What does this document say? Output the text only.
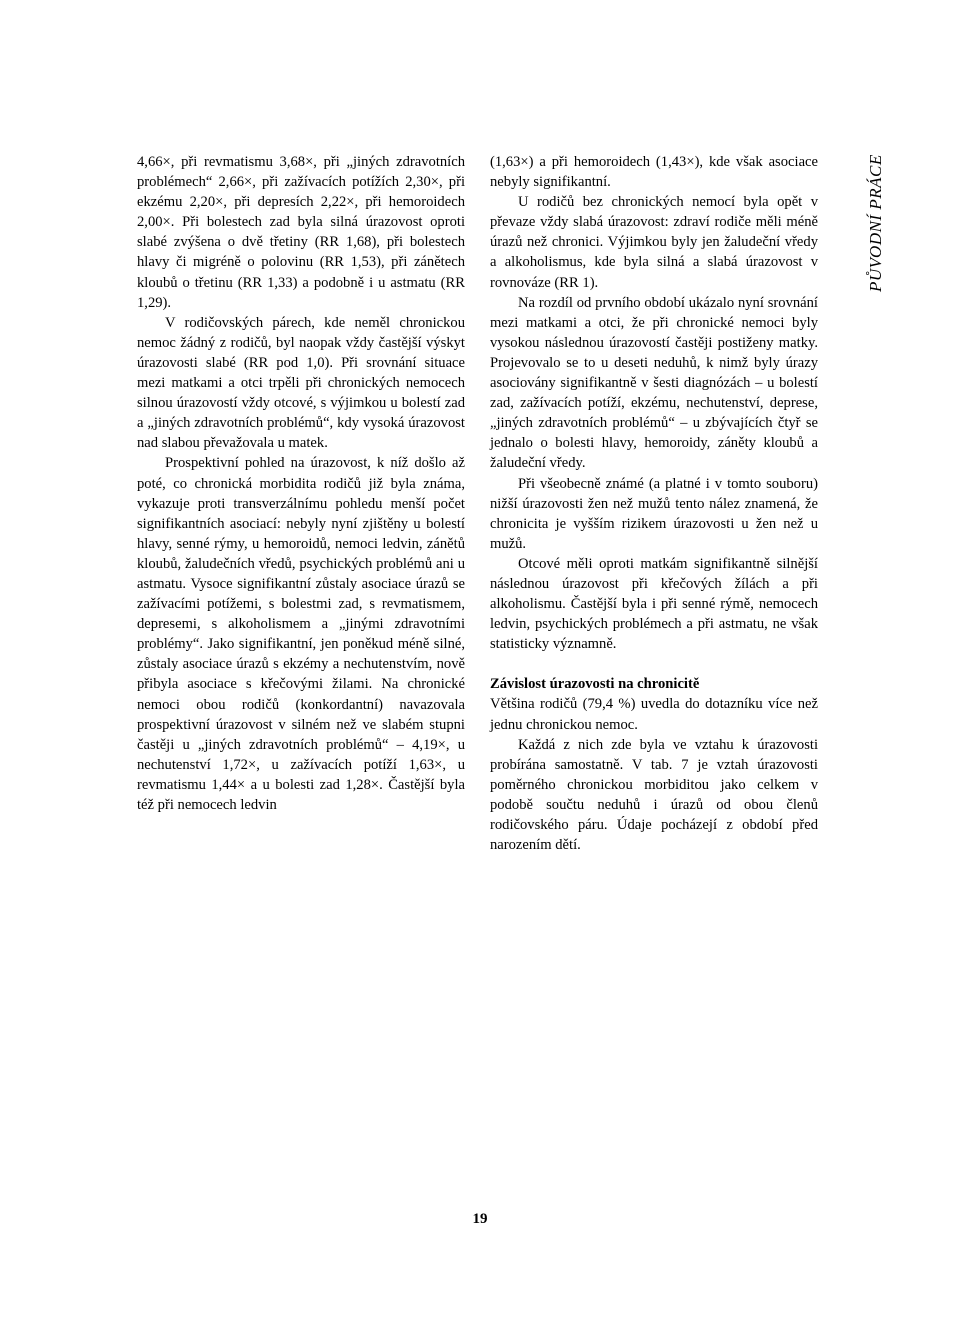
4,66×, při revmatismu 3,68×, při „jiných zdravotních problémech“ 2,66×, při zažívacích potížích 2,30×, při ekzému 2,20×, při depresích 2,22×, při hemoroidech 2,00×. Při bolestech zad byla silná úrazovost oproti slabé zvýšena o dvě třetiny (RR 1,68), při bolestech hlavy či migréně o polovinu (RR 1,53), při zánětech kloubů o třetinu (RR 1,33) a podobně i u astmatu (RR 1,29).

V rodičovských párech, kde neměl chronickou nemoc žádný z rodičů, byl naopak vždy častější výskyt úrazovosti slabé (RR pod 1,0). Při srovnání situace mezi matkami a otci trpěli při chronických nemocech silnou úrazovostí vždy otcové, s výjimkou u bolestí zad a „jiných zdravotních problémů“, kdy vysoká úrazovost nad slabou převažovala u matek.

Prospektivní pohled na úrazovost, k níž došlo až poté, co chronická morbidita rodičů již byla známa, vykazuje proti transverzálnímu pohledu menší počet signifikantních asociací: nebyly nyní zjištěny u bolestí hlavy, senné rýmy, u hemoroidů, nemoci ledvin, zánětů kloubů, žaludečních vředů, psychických problémů ani u astmatu. Vysoce signifikantní zůstaly asociace úrazů se zažívacími potížemi, s bolestmi zad, s revmatismem, depresemi, s alkoholismem a „jinými zdravotními problémy“. Jako signifikantní, jen poněkud méně silné, zůstaly asociace úrazů s ekzémy a nechutenstvím, nově přibyla asociace s křečovými žilami. Na chronické nemoci obou rodičů (konkordantní) navazovala prospektivní úrazovost v silném než ve slabém stupni častěji u „jiných zdravotních problémů“ – 4,19×, u nechutenství 1,72×, u zažívacích potíží 1,63×, u revmatismu 1,44× a u bolesti zad 1,28×. Častější byla též při nemocech ledvin

(1,63×) a při hemoroidech (1,43×), kde však asociace nebyly signifikantní.

U rodičů bez chronických nemocí byla opět v převaze vždy slabá úrazovost: zdraví rodiče měli méně úrazů než chronici. Výjimkou byly jen žaludeční vředy a alkoholismus, kde byla silná a slabá úrazovost v rovnováze (RR 1).

Na rozdíl od prvního období ukázalo nyní srovnání mezi matkami a otci, že při chronické nemoci byly vysokou následnou úrazovostí častěji postiženy matky. Projevovalo se to u deseti neduhů, k nimž byly úrazy asociovány signifikantně v šesti diagnózách – u bolestí zad, zažívacích potíží, ekzému, nechutenství, deprese, „jiných zdravotních problémů“ – u zbývajících čtyř se jednalo o bolesti hlavy, hemoroidy, záněty kloubů a žaludeční vředy.

Při všeobecně známé (a platné i v tomto souboru) nižší úrazovosti žen než mužů tento nález znamená, že chronicita je vyšším rizikem úrazovosti u žen než u mužů.

Otcové měli oproti matkám signifikantně silnější následnou úrazovost při křečových žílách a při alkoholismu. Častější byla i při senné rýmě, nemocech ledvin, psychických problémech a při astmatu, ne však statisticky významně.

Závislost úrazovosti na chronicitě

Většina rodičů (79,4 %) uvedla do dotazníku více než jednu chronickou nemoc.

Každá z nich zde byla ve vztahu k úrazovosti probírána samostatně. V tab. 7 je vztah úrazovosti poměrného chronickou morbiditou jako celkem v podobě součtu neduhů i úrazů od obou členů rodičovského páru. Údaje pocházejí z období před narozením dětí.

PŮVODNÍ PRÁCE
19
